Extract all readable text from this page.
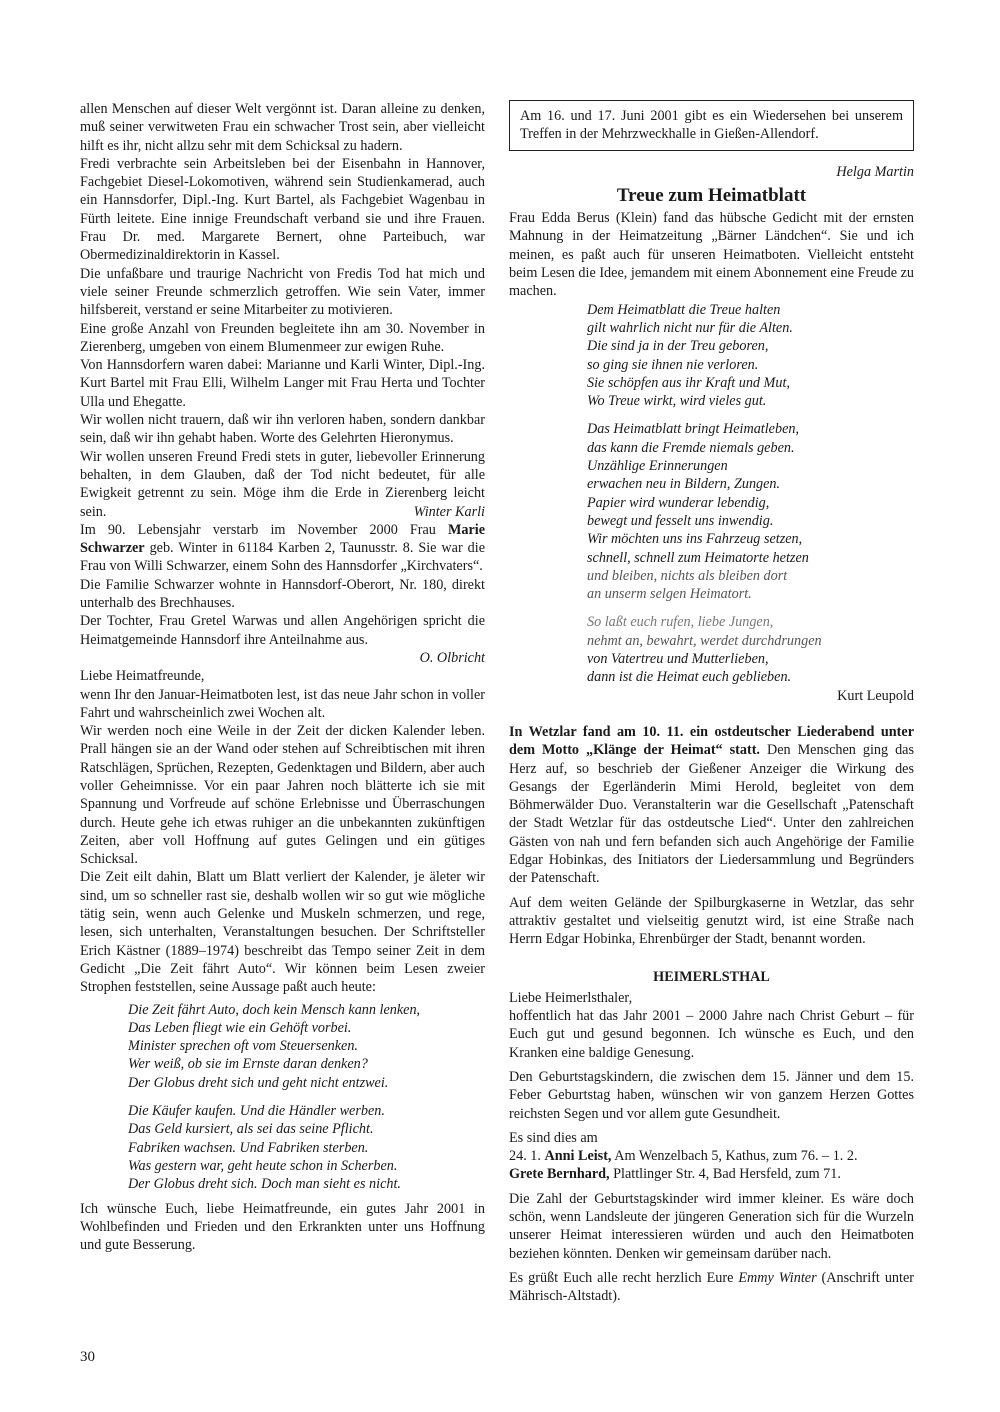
allen Menschen auf dieser Welt vergönnt ist. Daran alleine zu denken, muß seiner verwitweten Frau ein schwacher Trost sein, aber vielleicht hilft es ihr, nicht allzu sehr mit dem Schicksal zu hadern.

Fredi verbrachte sein Arbeitsleben bei der Eisenbahn in Hannover, Fachgebiet Diesel-Lokomotiven, während sein Studienkamerad, auch ein Hannsdorfer, Dipl.-Ing. Kurt Bartel, als Fachgebiet Wagenbau in Fürth leitete. Eine innige Freundschaft verband sie und ihre Frauen. Frau Dr. med. Margarete Bernert, ohne Parteibuch, war Obermedizinaldirektorin in Kassel.

Die unfaßbare und traurige Nachricht von Fredis Tod hat mich und viele seiner Freunde schmerzlich getroffen. Wie sein Vater, immer hilfsbereit, verstand er seine Mitarbeiter zu motivieren.

Eine große Anzahl von Freunden begleitete ihn am 30. November in Zierenberg, umgeben von einem Blumenmeer zur ewigen Ruhe.

Von Hannsdorfern waren dabei: Marianne und Karli Winter, Dipl.-Ing. Kurt Bartel mit Frau Elli, Wilhelm Langer mit Frau Herta und Tochter Ulla und Ehegatte.

Wir wollen nicht trauern, daß wir ihn verloren haben, sondern dankbar sein, daß wir ihn gehabt haben. Worte des Gelehrten Hieronymus.

Wir wollen unseren Freund Fredi stets in guter, liebevoller Erinnerung behalten, in dem Glauben, daß der Tod nicht bedeutet, für alle Ewigkeit getrennt zu sein. Möge ihm die Erde in Zierenberg leicht sein.	Winter Karli

Im 90. Lebensjahr verstarb im November 2000 Frau Marie Schwarzer geb. Winter in 61184 Karben 2, Taunusstr. 8. Sie war die Frau von Willi Schwarzer, einem Sohn des Hannsdorfer „Kirchvaters“.

Die Familie Schwarzer wohnte in Hannsdorf-Oberort, Nr. 180, direkt unterhalb des Brechhauses.

Der Tochter, Frau Gretel Warwas und allen Angehörigen spricht die Heimatgemeinde Hannsdorf ihre Anteilnahme aus.

O. Olbricht

Liebe Heimatfreunde,

wenn Ihr den Januar-Heimatboten lest, ist das neue Jahr schon in voller Fahrt und wahrscheinlich zwei Wochen alt.

Wir werden noch eine Weile in der Zeit der dicken Kalender leben. Prall hängen sie an der Wand oder stehen auf Schreibtischen mit ihren Ratschlägen, Sprüchen, Rezepten, Gedenktagen und Bildern, aber auch voller Geheimnisse. Vor ein paar Jahren noch blätterte ich sie mit Spannung und Vorfreude auf schöne Erlebnisse und Überraschungen durch. Heute gehe ich etwas ruhiger an die unbekannten zukünftigen Zeiten, aber voll Hoffnung auf gutes Gelingen und ein gütiges Schicksal.

Die Zeit eilt dahin, Blatt um Blatt verliert der Kalender, je äleter wir sind, um so schneller rast sie, deshalb wollen wir so gut wie mögliche tätig sein, wenn auch Gelenke und Muskeln schmerzen, und rege, lesen, sich unterhalten, Veranstaltungen besuchen. Der Schriftsteller Erich Kästner (1889–1974) beschreibt das Tempo seiner Zeit in dem Gedicht „Die Zeit fährt Auto“. Wir können beim Lesen zweier Strophen feststellen, seine Aussage paßt auch heute:

Die Zeit fährt Auto, doch kein Mensch kann lenken,
Das Leben fliegt wie ein Gehöft vorbei.
Minister sprechen oft vom Steuersenken.
Wer weiß, ob sie im Ernste daran denken?
Der Globus dreht sich und geht nicht entzwei.
Die Käufer kaufen. Und die Händler werben.
Das Geld kursiert, als sei das seine Pflicht.
Fabriken wachsen. Und Fabriken sterben.
Was gestern war, geht heute schon in Scherben.
Der Globus dreht sich. Doch man sieht es nicht.

Ich wünsche Euch, liebe Heimatfreunde, ein gutes Jahr 2001 in Wohlbefinden und Frieden und den Erkrankten unter uns Hoffnung und gute Besserung.

Am 16. und 17. Juni 2001 gibt es ein Wiedersehen bei unserem Treffen in der Mehrzweckhalle in Gießen-Allendorf.

Helga Martin

Treue zum Heimatblatt

Frau Edda Berus (Klein) fand das hübsche Gedicht mit der ernsten Mahnung in der Heimatzeitung „Bärner Ländchen“. Sie und ich meinen, es paßt auch für unseren Heimatboten. Vielleicht entsteht beim Lesen die Idee, jemandem mit einem Abonnement eine Freude zu machen.

Dem Heimatblatt die Treue halten
gilt wahrlich nicht nur für die Alten.
Die sind ja in der Treu geboren,
so ging sie ihnen nie verloren.
Sie schöpfen aus ihr Kraft und Mut,
Wo Treue wirkt, wird vieles gut.
Das Heimatblatt bringt Heimatleben,
das kann die Fremde niemals geben.
Unzählige Erinnerungen
erwachen neu in Bildern, Zungen.
Papier wird wunderar lebendig,
bewegt und fesselt uns inwendig.
Wir möchten uns ins Fahrzeug setzen,
schnell, schnell zum Heimatorte hetzen
und bleiben, nichts als bleiben dort
an unserm selgen Heimatort.
So laßt euch rufen, liebe Jungen,
nehmt an, bewahrt, werdet durchdrungen
von Vatertreu und Mutterlieben,
dann ist die Heimat euch geblieben.

Kurt Leupold

In Wetzlar fand am 10. 11. ein ostdeutscher Liederabend unter dem Motto „Klänge der Heimat“ statt. Den Menschen ging das Herz auf, so beschrieb der Gießener Anzeiger die Wirkung des Gesangs der Egerländerin Mimi Herold, begleitet von dem Böhmerwälder Duo. Veranstalterin war die Gesellschaft „Patenschaft der Stadt Wetzlar für das ostdeutsche Lied“. Unter den zahlreichen Gästen von nah und fern befanden sich auch Angehörige der Familie Edgar Hobinkas, des Initiators der Liedersammlung und Begründers der Patenschaft.

Auf dem weiten Gelände der Spilburgkaserne in Wetzlar, das sehr attraktiv gestaltet und vielseitig genutzt wird, ist eine Straße nach Herrn Edgar Hobinka, Ehrenbürger der Stadt, benannt worden.

HEIMERLSTHAL

Liebe Heimerlsthaler,

hoffentlich hat das Jahr 2001 – 2000 Jahre nach Christ Geburt – für Euch gut und gesund begonnen. Ich wünsche es Euch, und den Kranken eine baldige Genesung.

Den Geburtstagskindern, die zwischen dem 15. Jänner und dem 15. Feber Geburtstag haben, wünschen wir von ganzem Herzen Gottes reichsten Segen und vor allem gute Gesundheit.

Es sind dies am

24. 1. Anni Leist, Am Wenzelbach 5, Kathus, zum 76. – 1. 2.
Grete Bernhard, Plattlinger Str. 4, Bad Hersfeld, zum 71.

Die Zahl der Geburtstagskinder wird immer kleiner. Es wäre doch schön, wenn Landsleute der jüngeren Generation sich für die Wurzeln unserer Heimat interessieren würden und auch den Heimatboten beziehen könnten. Denken wir gemeinsam darüber nach.

Es grüßt Euch alle recht herzlich Eure Emmy Winter (Anschrift unter Mährisch-Altstadt).

30
